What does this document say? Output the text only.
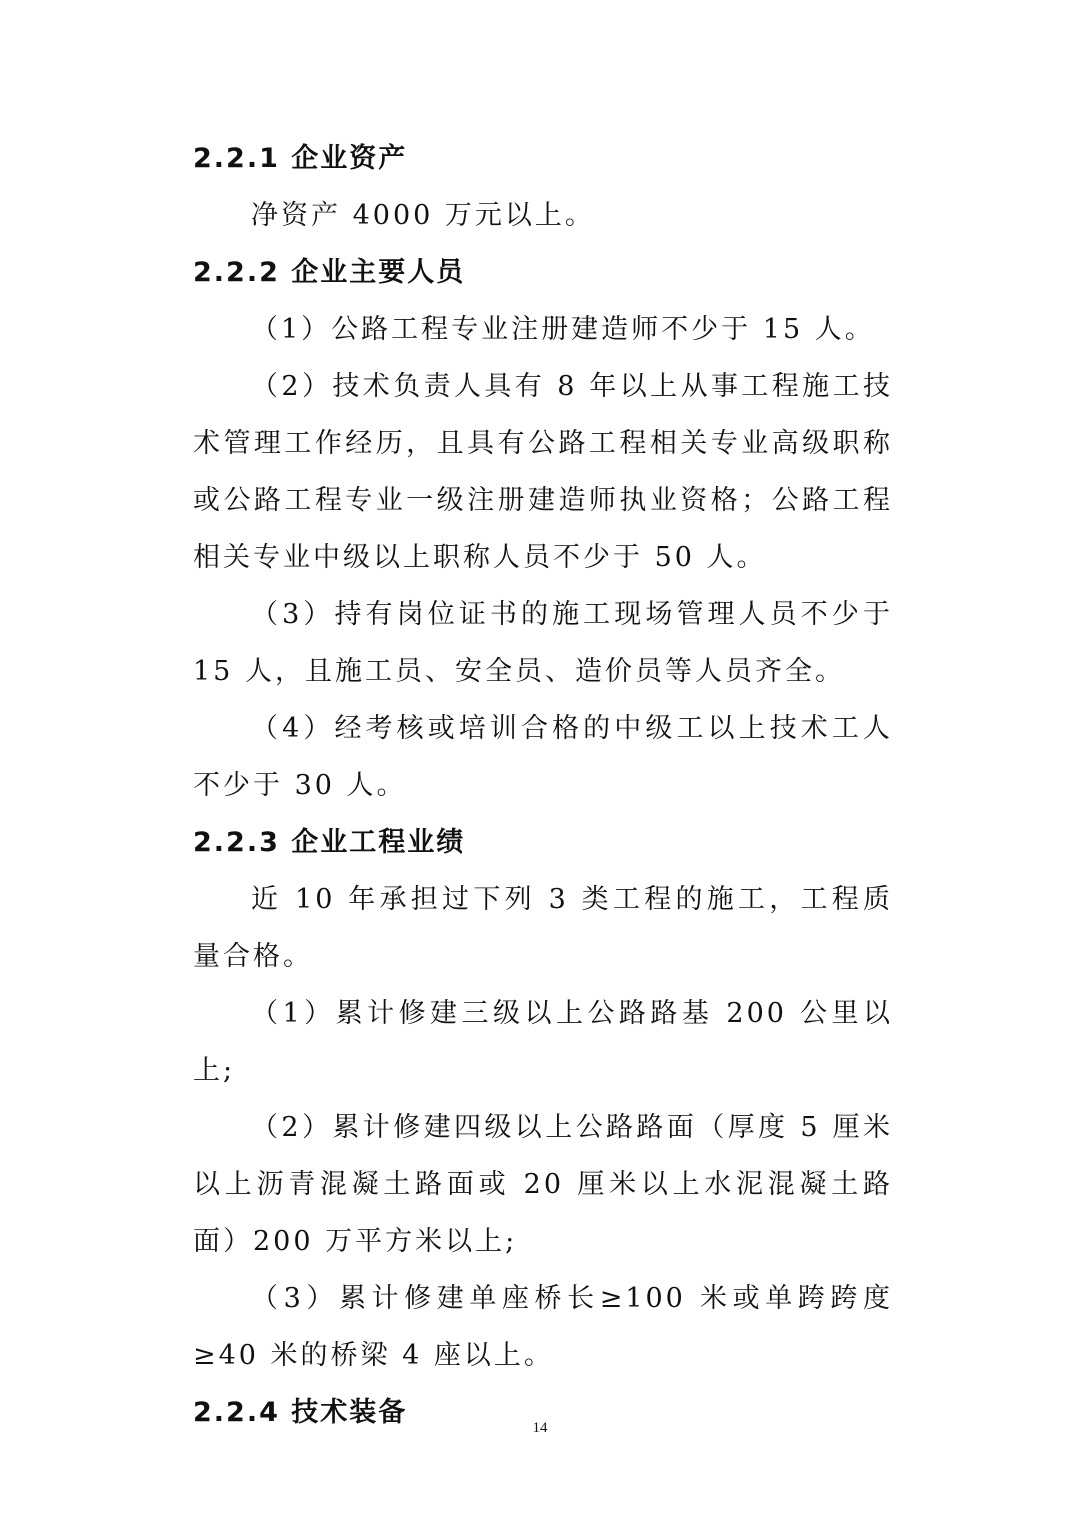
2.2.1 企业资产

净资产 4000 万元以上。

2.2.2 企业主要人员

（1）公路工程专业注册建造师不少于 15 人。

（2）技术负责人具有 8 年以上从事工程施工技术管理工作经历，且具有公路工程相关专业高级职称或公路工程专业一级注册建造师执业资格；公路工程相关专业中级以上职称人员不少于 50 人。

（3）持有岗位证书的施工现场管理人员不少于 15 人，且施工员、安全员、造价员等人员齐全。

（4）经考核或培训合格的中级工以上技术工人不少于 30 人。

2.2.3 企业工程业绩

近 10 年承担过下列 3 类工程的施工，工程质量合格。

（1）累计修建三级以上公路路基 200 公里以上;

（2）累计修建四级以上公路路面（厚度 5 厘米以上沥青混凝土路面或 20 厘米以上水泥混凝土路面）200 万平方米以上;

（3）累计修建单座桥长≥100 米或单跨跨度≥40 米的桥梁 4 座以上。

2.2.4 技术装备	14
